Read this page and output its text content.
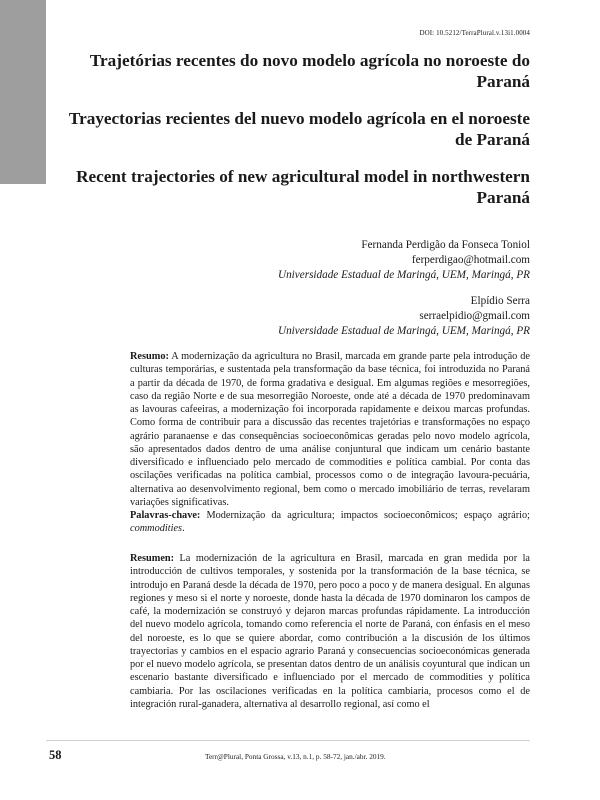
DOI: 10.5212/TerraPlural.v.13i1.0004
Trajetórias recentes do novo modelo agrícola no noroeste do Paraná
Trayectorias recientes del nuevo modelo agrícola en el noroeste de Paraná
Recent trajectories of new agricultural model in northwestern Paraná
Fernanda Perdigão da Fonseca Toniol
ferperdigao@hotmail.com
Universidade Estadual de Maringá, UEM, Maringá, PR
Elpídio Serra
serraelpidio@gmail.com
Universidade Estadual de Maringá, UEM, Maringá, PR

Resumo: A modernização da agricultura no Brasil, marcada em grande parte pela introdução de culturas temporárias, e sustentada pela transformação da base técnica, foi introduzida no Paraná a partir da década de 1970, de forma gradativa e desigual. Em algumas regiões e mesorregiões, caso da região Norte e de sua mesorregião Noroeste, onde até a década de 1970 predominavam as lavouras cafeeiras, a modernização foi incorporada rapidamente e deixou marcas profundas. Como forma de contribuir para a discussão das recentes trajetórias e transformações no espaço agrário paranaense e das consequências socioeconômicas geradas pelo novo modelo agrícola, são apresentados dados dentro de uma análise conjuntural que indicam um cenário bastante diversificado e influenciado pelo mercado de commodities e política cambial. Por conta das oscilações verificadas na política cambial, processos como o de integração lavoura-pecuária, alternativa ao desenvolvimento regional, bem como o mercado imobiliário de terras, revelaram variações significativas.

Palavras-chave: Modernização da agricultura; impactos socioeconômicos; espaço agrário; commodities.

Resumen: La modernización de la agricultura en Brasil, marcada en gran medida por la introducción de cultivos temporales, y sostenida por la transformación de la base técnica, se introdujo en Paraná desde la década de 1970, pero poco a poco y de manera desigual. En algunas regiones y meso si el norte y noroeste, donde hasta la década de 1970 dominaron los campos de café, la modernización se construyó y dejaron marcas profundas rápidamente. La introducción del nuevo modelo agrícola, tomando como referencia el norte de Paraná, con énfasis en el meso del noroeste, es lo que se quiere abordar, como contribución a la discusión de los últimos trayectorias y cambios en el espacio agrario Paraná y consecuencias socioeconómicas generada por el nuevo modelo agrícola, se presentan datos dentro de un análisis coyuntural que indican un escenario bastante diversificado e influenciado por el mercado de commodities y política cambiaria. Por las oscilaciones verificadas en la política cambiaria, procesos como el de integración rural-ganadera, alternativa al desarrollo regional, así como el

58	Terr@Plural, Ponta Grossa, v.13, n.1, p. 58-72, jan./abr. 2019.
